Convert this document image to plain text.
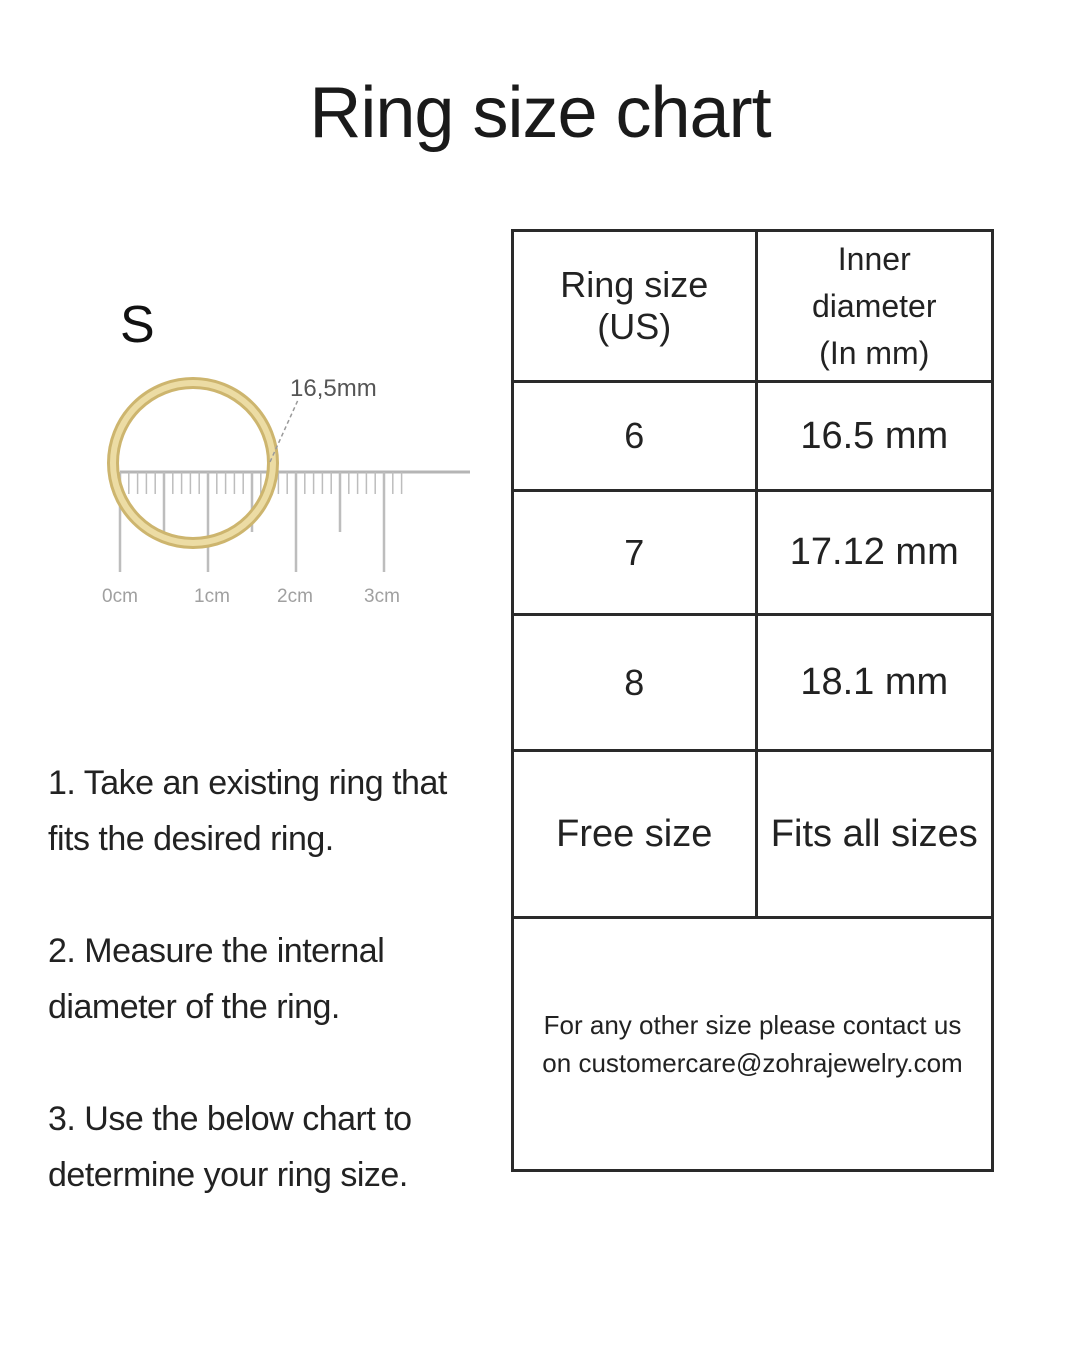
Ring size chart
S
16,5mm
0cm	1cm 2cm	3cm

1. Take an existing ring that fits the desired ring.

2. Measure the internal diameter of the ring.

3. Use the below chart to determine your ring size.

Ring size (US)	Inner
diameter
(In mm)

6	16.5 mm
7	17.12 mm
8	18.1 mm
Free size	Fits all sizes

For any other size please contact us
on customercare@zohrajewelry.com	
